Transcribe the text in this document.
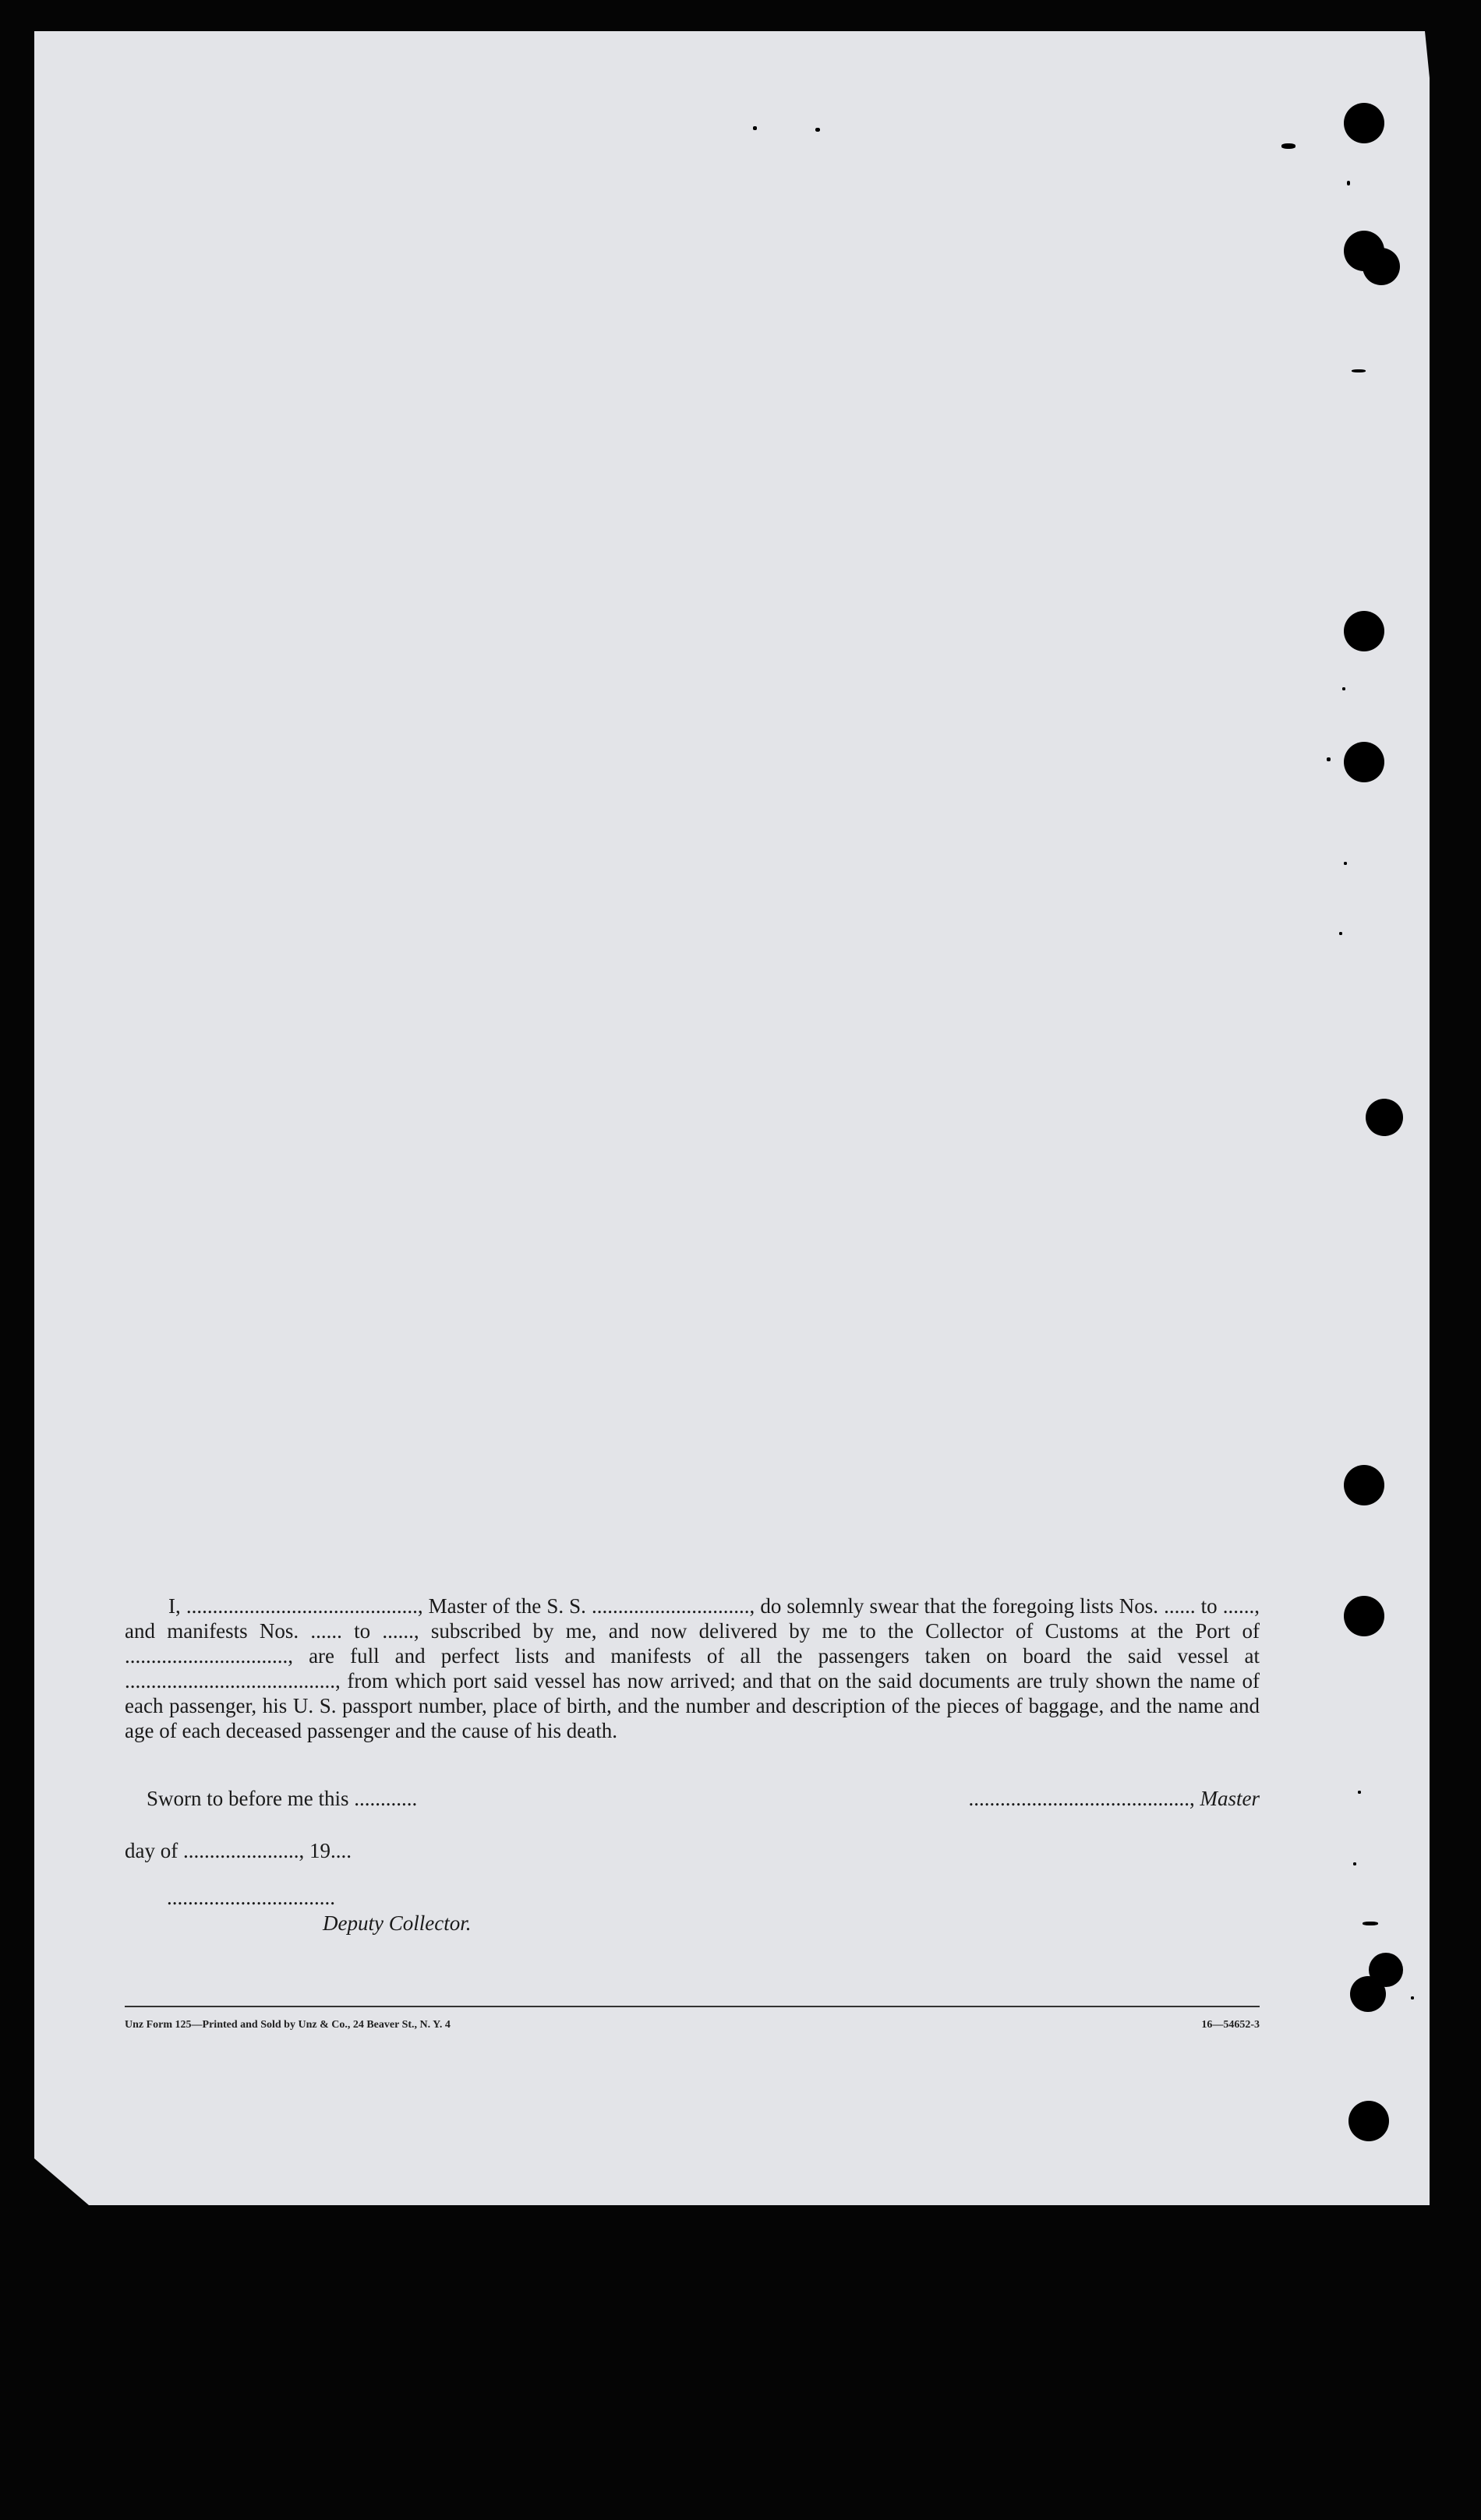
I, ............................................, Master of the S. S. .............................., do solemnly swear that the foregoing lists Nos. ...... to ......, and manifests Nos. ...... to ......, subscribed by me, and now delivered by me to the Collector of Customs at the Port of ..............................., are full and perfect lists and manifests of all the passengers taken on board the said vessel at ........................................, from which port said vessel has now arrived; and that on the said documents are truly shown the name of each passenger, his U. S. passport number, place of birth, and the number and description of the pieces of baggage, and the name and age of each deceased passenger and the cause of his death.

Sworn to before me this ............	.........................................., Master
day of ......................, 19....
................................
Deputy Collector.
Unz Form 125—Printed and Sold by Unz & Co., 24 Beaver St., N. Y. 4	16—54652-3
